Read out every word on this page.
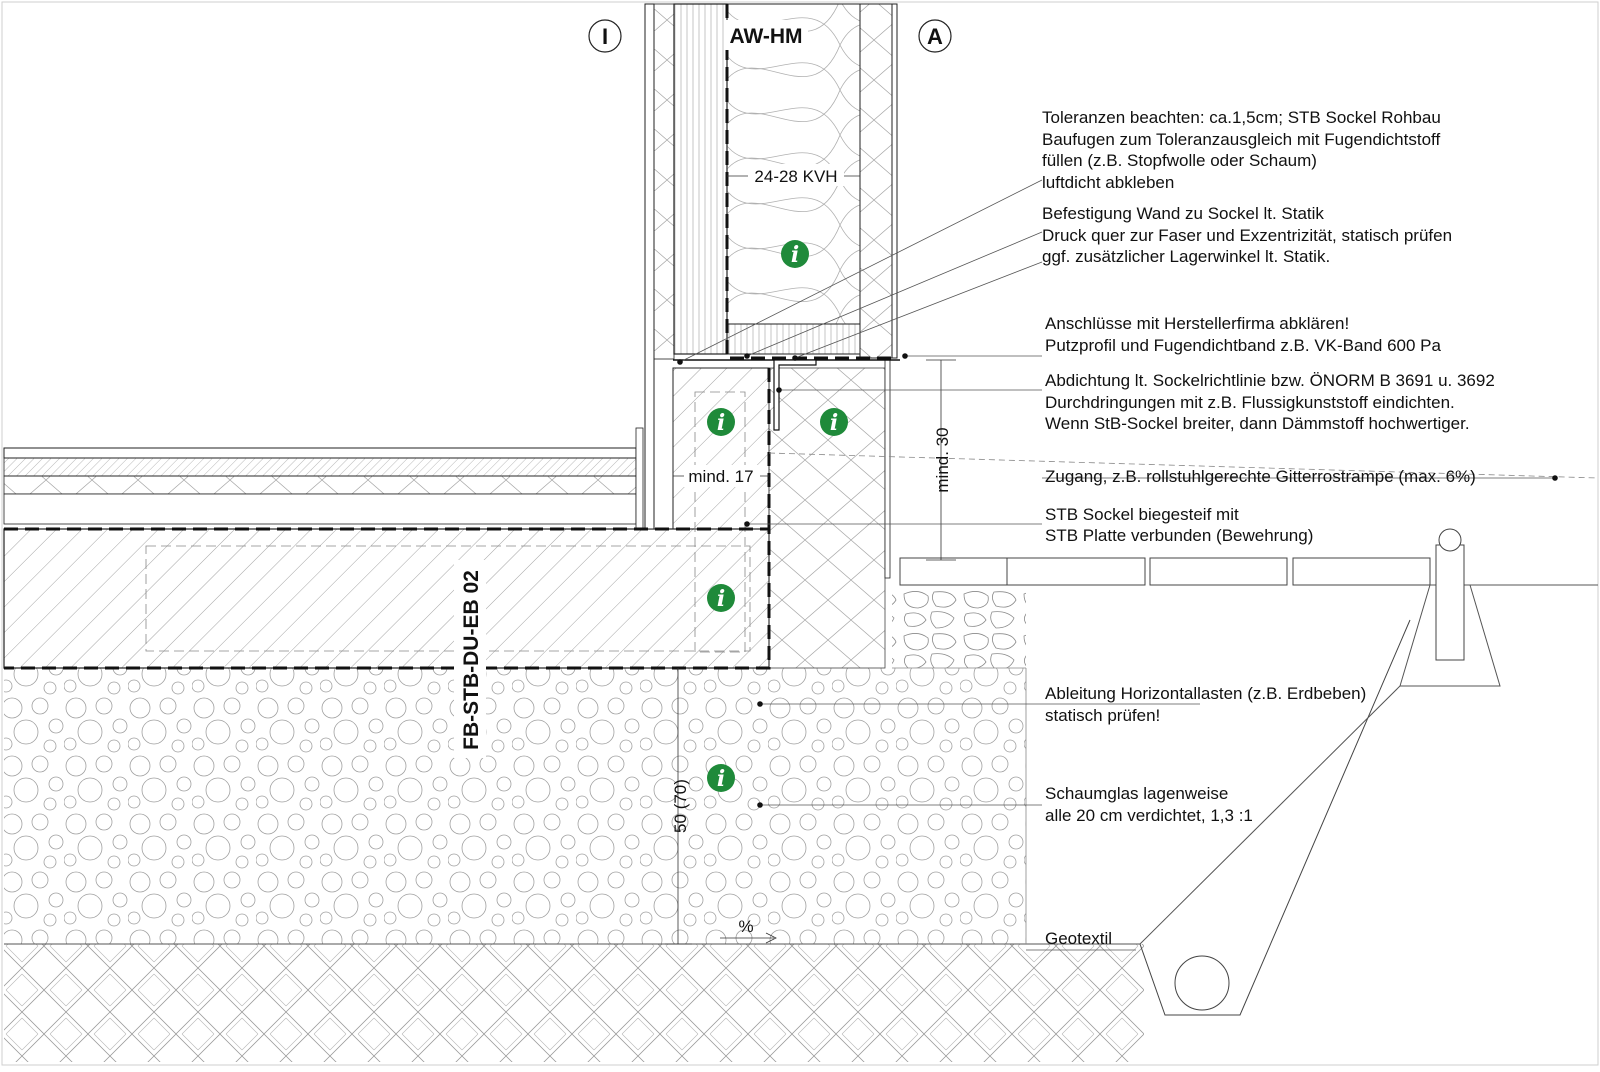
I	A
AW-HM
FB-STB-DU-EB 02
24-28 KVH
mind. 17	mind. 30
50 (70)
%
i
i	i
i
i
Toleranzen beachten: ca.1,5cm; STB Sockel Rohbau
Baufugen zum Toleranzausgleich mit Fugendichtstoff
füllen (z.B. Stopfwolle oder Schaum)
luftdicht abkleben
Befestigung Wand zu Sockel lt. Statik
Druck quer zur Faser und Exzentrizität, statisch prüfen
ggf. zusätzlicher Lagerwinkel lt. Statik.
Anschlüsse mit Herstellerfirma abklären!
Putzprofil und Fugendichtband z.B. VK-Band 600 Pa
Abdichtung lt. Sockelrichtlinie bzw. ÖNORM B 3691 u. 3692
Durchdringungen mit z.B. Flussigkunststoff eindichten.
Wenn StB-Sockel breiter, dann Dämmstoff hochwertiger.
Zugang, z.B. rollstuhlgerechte Gitterrostrampe (max. 6%)
STB Sockel biegesteif mit
STB Platte verbunden (Bewehrung)
Ableitung Horizontallasten (z.B. Erdbeben)
statisch prüfen!
Schaumglas lagenweise
alle 20 cm verdichtet, 1,3 :1
Geotextil
